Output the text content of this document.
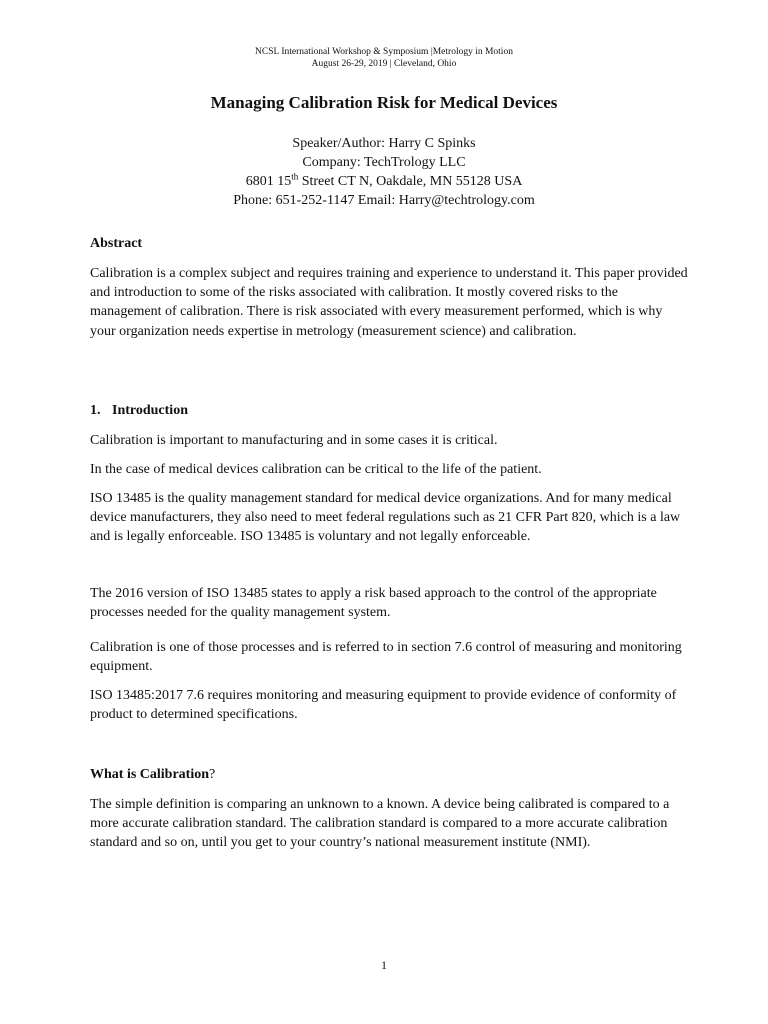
NCSL International Workshop & Symposium |Metrology in Motion
August 26-29, 2019 | Cleveland, Ohio
Managing Calibration Risk for Medical Devices
Speaker/Author: Harry C Spinks
Company: TechTrology LLC
6801 15th Street CT N, Oakdale, MN 55128 USA
Phone: 651-252-1147 Email: Harry@techtrology.com

Abstract

Calibration is a complex subject and requires training and experience to understand it. This paper provided and introduction to some of the risks associated with calibration. It mostly covered risks to the management of calibration. There is risk associated with every measurement performed, which is why your organization needs expertise in metrology (measurement science) and calibration.

1. Introduction

Calibration is important to manufacturing and in some cases it is critical.

In the case of medical devices calibration can be critical to the life of the patient.

ISO 13485 is the quality management standard for medical device organizations. And for many medical device manufacturers, they also need to meet federal regulations such as 21 CFR Part 820, which is a law and is legally enforceable. ISO 13485 is voluntary and not legally enforceable.

The 2016 version of ISO 13485 states to apply a risk based approach to the control of the appropriate processes needed for the quality management system.

Calibration is one of those processes and is referred to in section 7.6 control of measuring and monitoring equipment.

ISO 13485:2017 7.6 requires monitoring and measuring equipment to provide evidence of conformity of product to determined specifications.

What is Calibration?

The simple definition is comparing an unknown to a known. A device being calibrated is compared to a more accurate calibration standard. The calibration standard is compared to a more accurate calibration standard and so on, until you get to your country’s national measurement institute (NMI).

1
